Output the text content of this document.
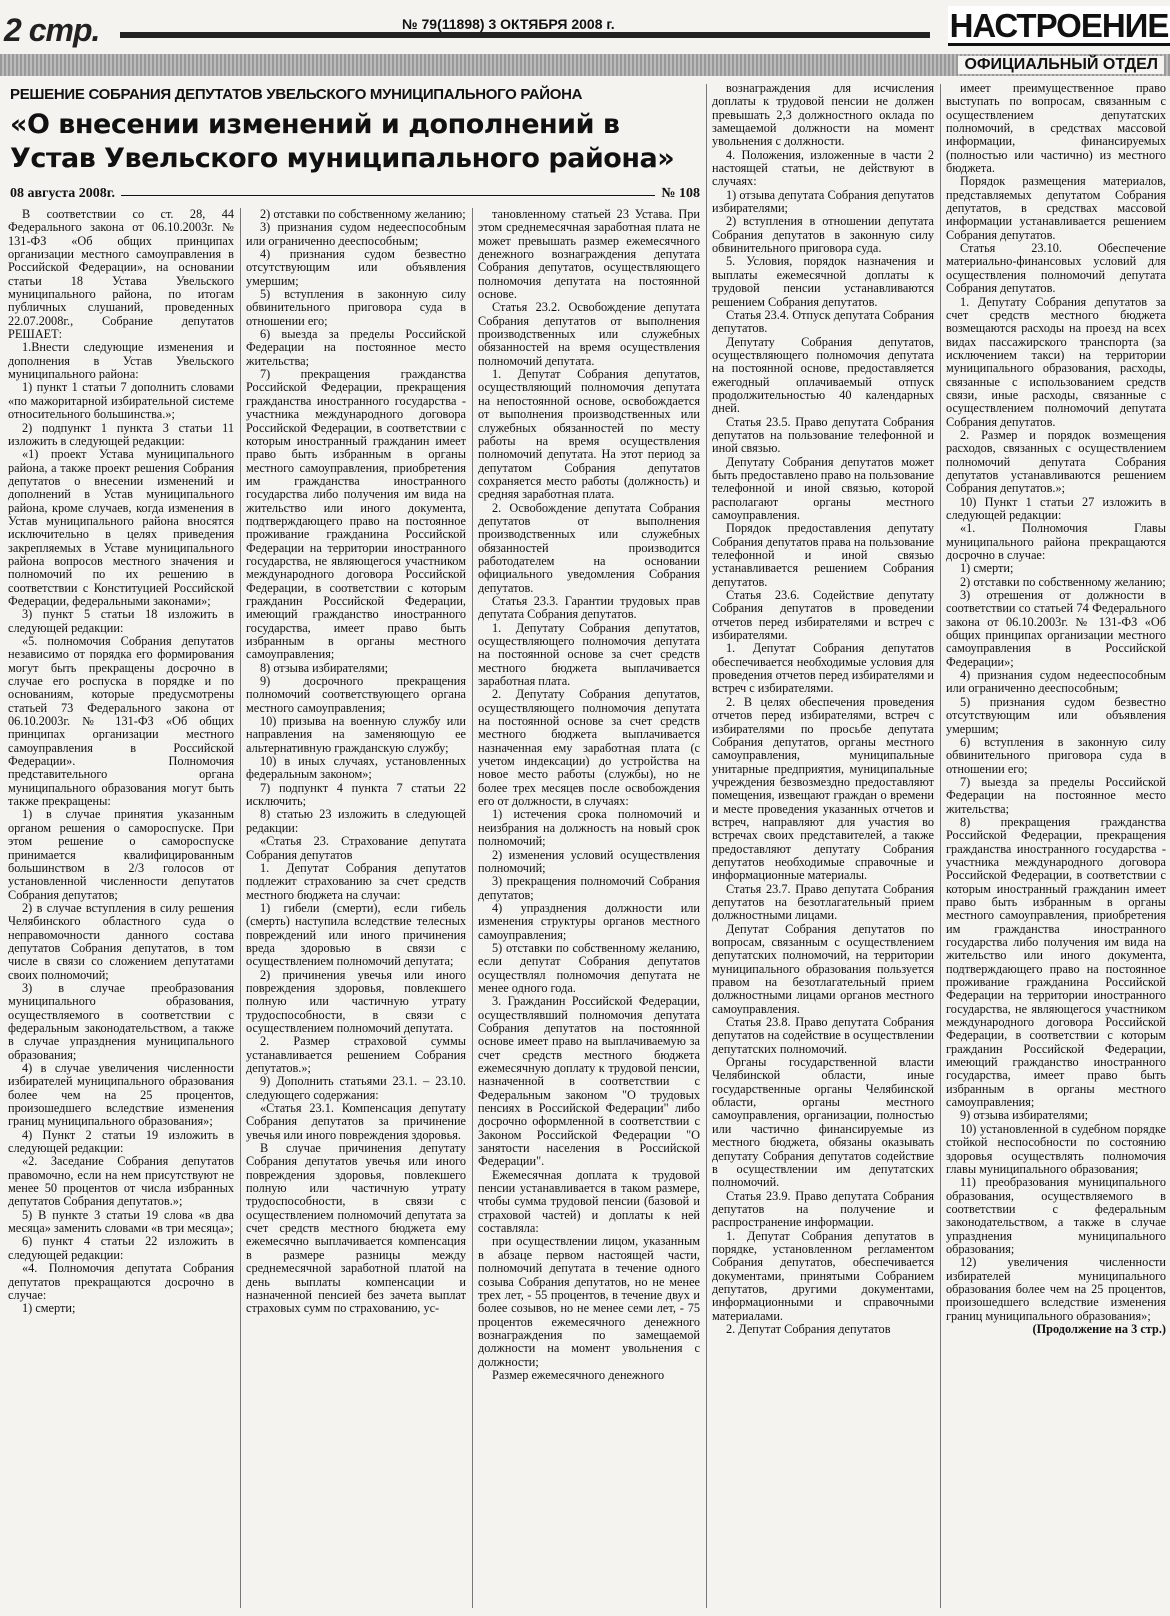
2 стр.	№ 79(11898) 3 ОКТЯБРЯ 2008 г.	НАСТРОЕНИЕ
ОФИЦИАЛЬНЫЙ ОТДЕЛ
РЕШЕНИЕ СОБРАНИЯ ДЕПУТАТОВ УВЕЛЬСКОГО МУНИЦИПАЛЬНОГО РАЙОНА
«О внесении изменений и дополнений в Устав Увельского муниципального района»
08 августа 2008г.	№ 108

В соответствии со ст. 28, 44 Федерального закона от 06.10.2003г. № 131-ФЗ «Об общих принципах организации местного самоуправления в Российской Федерации», на основании статьи 18 Устава Увельского муниципального района, по итогам публичных слушаний, проведенных 22.07.2008г., Собрание депутатов РЕШАЕТ:

1.Внести следующие изменения и дополнения в Устав Увельского муниципального района:

1) пункт 1 статьи 7 дополнить словами «по мажоритарной избирательной системе относительного большинства.»;

2) подпункт 1 пункта 3 статьи 11 изложить в следующей редакции:

«1) проект Устава муниципального района, а также проект решения Собрания депутатов о внесении изменений и дополнений в Устав муниципального района, кроме случаев, когда изменения в Устав муниципального района вносятся исключительно в целях приведения закрепляемых в Уставе муниципального района вопросов местного значения и полномочий по их решению в соответствии с Конституцией Российской Федерации, федеральными законами»;

3) пункт 5 статьи 18 изложить в следующей редакции:

«5. полномочия Собрания депутатов независимо от порядка его формирования могут быть прекращены досрочно в случае его роспуска в порядке и по основаниям, которые предусмотрены статьей 73 Федерального закона от 06.10.2003г. № 131-ФЗ «Об общих принципах организации местного самоуправления в Российской Федерации». Полномочия представительного органа муниципального образования могут быть также прекращены:

1) в случае принятия указанным органом решения о самороспуске. При этом решение о самороспуске принимается квалифицированным большинством в 2/3 голосов от установленной численности депутатов Собрания депутатов;

2) в случае вступления в силу решения Челябинского областного суда о неправомочности данного состава депутатов Собрания депутатов, в том числе в связи со сложением депутатами своих полномочий;

3) в случае преобразования муниципального образования, осуществляемого в соответствии с федеральным законодательством, а также в случае упразднения муниципального образования;

4) в случае увеличения численности избирателей муниципального образования более чем на 25 процентов, произошедшего вследствие изменения границ муниципального образования»;

4) Пункт 2 статьи 19 изложить в следующей редакции:

«2. Заседание Собрания депутатов правомочно, если на нем присутствуют не менее 50 процентов от числа избранных депутатов Собрания депутатов.»;

5) В пункте 3 статьи 19 слова «в два месяца» заменить словами «в три месяца»;

6) пункт 4 статьи 22 изложить в следующей редакции:

«4. Полномочия депутата Собрания депутатов прекращаются досрочно в случае:

1) смерти;

2) отставки по собственному желанию;

3) признания судом недееспособным или ограниченно дееспособным;

4) признания судом безвестно отсутствующим или объявления умершим;

5) вступления в законную силу обвинительного приговора суда в отношении его;

6) выезда за пределы Российской Федерации на постоянное место жительства;

7) прекращения гражданства Российской Федерации, прекращения гражданства иностранного государства - участника международного договора Российской Федерации, в соответствии с которым иностранный гражданин имеет право быть избранным в органы местного самоуправления, приобретения им гражданства иностранного государства либо получения им вида на жительство или иного документа, подтверждающего право на постоянное проживание гражданина Российской Федерации на территории иностранного государства, не являющегося участником международного договора Российской Федерации, в соответствии с которым гражданин Российской Федерации, имеющий гражданство иностранного государства, имеет право быть избранным в органы местного самоуправления;

8) отзыва избирателями;

9) досрочного прекращения полномочий соответствующего органа местного самоуправления;

10) призыва на военную службу или направления на заменяющую ее альтернативную гражданскую службу;

10) в иных случаях, установленных федеральным законом»;

7) подпункт 4 пункта 7 статьи 22 исключить;

8) статью 23 изложить в следующей редакции:

«Статья 23. Страхование депутата Собрания депутатов

1. Депутат Собрания депутатов подлежит страхованию за счет средств местного бюджета на случаи:

1) гибели (смерти), если гибель (смерть) наступила вследствие телесных повреждений или иного причинения вреда здоровью в связи с осуществлением полномочий депутата;

2) причинения увечья или иного повреждения здоровья, повлекшего полную или частичную утрату трудоспособности, в связи с осуществлением полномочий депутата.

2. Размер страховой суммы устанавливается решением Собрания депутатов.»;

9) Дополнить статьями 23.1. – 23.10. следующего содержания:

«Статья 23.1. Компенсация депутату Собрания депутатов за причинение увечья или иного повреждения здоровья.

В случае причинения депутату Собрания депутатов увечья или иного повреждения здоровья, повлекшего полную или частичную утрату трудоспособности, в связи с осуществлением полномочий депутата за счет средств местного бюджета ему ежемесячно выплачивается компенсация в размере разницы между среднемесячной заработной платой на день выплаты компенсации и назначенной пенсией без зачета выплат страховых сумм по страхованию, ус-

тановленному статьей 23 Устава. При этом среднемесячная заработная плата не может превышать размер ежемесячного денежного вознаграждения депутата Собрания депутатов, осуществляющего полномочия депутата на постоянной основе.

Статья 23.2. Освобождение депутата Собрания депутатов от выполнения производственных или служебных обязанностей на время осуществления полномочий депутата.

1. Депутат Собрания депутатов, осуществляющий полномочия депутата на непостоянной основе, освобождается от выполнения производственных или служебных обязанностей по месту работы на время осуществления полномочий депутата. На этот период за депутатом Собрания депутатов сохраняется место работы (должность) и средняя заработная плата.

2. Освобождение депутата Собрания депутатов от выполнения производственных или служебных обязанностей производится работодателем на основании официального уведомления Собрания депутатов.

Статья 23.3. Гарантии трудовых прав депутата Собрания депутатов.

1. Депутату Собрания депутатов, осуществляющего полномочия депутата на постоянной основе за счет средств местного бюджета выплачивается заработная плата.

2. Депутату Собрания депутатов, осуществляющего полномочия депутата на постоянной основе за счет средств местного бюджета выплачивается назначенная ему заработная плата (с учетом индексации) до устройства на новое место работы (службы), но не более трех месяцев после освобождения его от должности, в случаях:

1) истечения срока полномочий и неизбрания на должность на новый срок полномочий;

2) изменения условий осуществления полномочий;

3) прекращения полномочий Собрания депутатов;

4) упразднения должности или изменения структуры органов местного самоуправления;

5) отставки по собственному желанию, если депутат Собрания депутатов осуществлял полномочия депутата не менее одного года.

3. Гражданин Российской Федерации, осуществлявший полномочия депутата Собрания депутатов на постоянной основе имеет право на выплачиваемую за счет средств местного бюджета ежемесячную доплату к трудовой пенсии, назначенной в соответствии с Федеральным законом "О трудовых пенсиях в Российской Федерации" либо досрочно оформленной в соответствии с Законом Российской Федерации "О занятости населения в Российской Федерации".

Ежемесячная доплата к трудовой пенсии устанавливается в таком размере, чтобы сумма трудовой пенсии (базовой и страховой частей) и доплаты к ней составляла:

при осуществлении лицом, указанным в абзаце первом настоящей части, полномочий депутата в течение одного созыва Собрания депутатов, но не менее трех лет, - 55 процентов, в течение двух и более созывов, но не менее семи лет, - 75 процентов ежемесячного денежного вознаграждения по замещаемой должности на момент увольнения с должности;

Размер ежемесячного денежного

вознаграждения для исчисления доплаты к трудовой пенсии не должен превышать 2,3 должностного оклада по замещаемой должности на момент увольнения с должности.

4. Положения, изложенные в части 2 настоящей статьи, не действуют в случаях:

1) отзыва депутата Собрания депутатов избирателями;

2) вступления в отношении депутата Собрания депутатов в законную силу обвинительного приговора суда.

5. Условия, порядок назначения и выплаты ежемесячной доплаты к трудовой пенсии устанавливаются решением Собрания депутатов.

Статья 23.4. Отпуск депутата Собрания депутатов.

Депутату Собрания депутатов, осуществляющего полномочия депутата на постоянной основе, предоставляется ежегодный оплачиваемый отпуск продолжительностью 40 календарных дней.

Статья 23.5. Право депутата Собрания депутатов на пользование телефонной и иной связью.

Депутату Собрания депутатов может быть предоставлено право на пользование телефонной и иной связью, которой располагают органы местного самоуправления.

Порядок предоставления депутату Собрания депутатов права на пользование телефонной и иной связью устанавливается решением Собрания депутатов.

Статья 23.6. Содействие депутату Собрания депутатов в проведении отчетов перед избирателями и встреч с избирателями.

1. Депутат Собрания депутатов обеспечивается необходимые условия для проведения отчетов перед избирателями и встреч с избирателями.

2. В целях обеспечения проведения отчетов перед избирателями, встреч с избирателями по просьбе депутата Собрания депутатов, органы местного самоуправления, муниципальные унитарные предприятия, муниципальные учреждения безвозмездно предоставляют помещения, извещают граждан о времени и месте проведения указанных отчетов и встреч, направляют для участия во встречах своих представителей, а также предоставляют депутату Собрания депутатов необходимые справочные и информационные материалы.

Статья 23.7. Право депутата Собрания депутатов на безотлагательный прием должностными лицами.

Депутат Собрания депутатов по вопросам, связанным с осуществлением депутатских полномочий, на территории муниципального образования пользуется правом на безотлагательный прием должностными лицами органов местного самоуправления.

Статья 23.8. Право депутата Собрания депутатов на содействие в осуществлении депутатских полномочий.

Органы государственной власти Челябинской области, иные государственные органы Челябинской области, органы местного самоуправления, организации, полностью или частично финансируемые из местного бюджета, обязаны оказывать депутату Собрания депутатов содействие в осуществлении им депутатских полномочий.

Статья 23.9. Право депутата Собрания депутатов на получение и распространение информации.

1. Депутат Собрания депутатов в порядке, установленном регламентом Собрания депутатов, обеспечивается документами, принятыми Собранием депутатов, другими документами, информационными и справочными материалами.

2. Депутат Собрания депутатов

имеет преимущественное право выступать по вопросам, связанным с осуществлением депутатских полномочий, в средствах массовой информации, финансируемых (полностью или частично) из местного бюджета.

Порядок размещения материалов, представляемых депутатом Собрания депутатов, в средствах массовой информации устанавливается решением Собрания депутатов.

Статья 23.10. Обеспечение материально-финансовых условий для осуществления полномочий депутата Собрания депутатов.

1. Депутату Собрания депутатов за счет средств местного бюджета возмещаются расходы на проезд на всех видах пассажирского транспорта (за исключением такси) на территории муниципального образования, расходы, связанные с использованием средств связи, иные расходы, связанные с осуществлением полномочий депутата Собрания депутатов.

2. Размер и порядок возмещения расходов, связанных с осуществлением полномочий депутата Собрания депутатов устанавливаются решением Собрания депутатов.»;

10) Пункт 1 статьи 27 изложить в следующей редакции:

«1. Полномочия Главы муниципального района прекращаются досрочно в случае:

1) смерти;

2) отставки по собственному желанию;

3) отрешения от должности в соответствии со статьей 74 Федерального закона от 06.10.2003г. № 131-ФЗ «Об общих принципах организации местного самоуправления в Российской Федерации»;

4) признания судом недееспособным или ограниченно дееспособным;

5) признания судом безвестно отсутствующим или объявления умершим;

6) вступления в законную силу обвинительного приговора суда в отношении его;

7) выезда за пределы Российской Федерации на постоянное место жительства;

8) прекращения гражданства Российской Федерации, прекращения гражданства иностранного государства - участника международного договора Российской Федерации, в соответствии с которым иностранный гражданин имеет право быть избранным в органы местного самоуправления, приобретения им гражданства иностранного государства либо получения им вида на жительство или иного документа, подтверждающего право на постоянное проживание гражданина Российской Федерации на территории иностранного государства, не являющегося участником международного договора Российской Федерации, в соответствии с которым гражданин Российской Федерации, имеющий гражданство иностранного государства, имеет право быть избранным в органы местного самоуправления;

9) отзыва избирателями;

10) установленной в судебном порядке стойкой неспособности по состоянию здоровья осуществлять полномочия главы муниципального образования;

11) преобразования муниципального образования, осуществляемого в соответствии с федеральным законодательством, а также в случае упразднения муниципального образования;

12) увеличения численности избирателей муниципального образования более чем на 25 процентов, произошедшего вследствие изменения границ муниципального образования»;

(Продолжение на 3 стр.)
